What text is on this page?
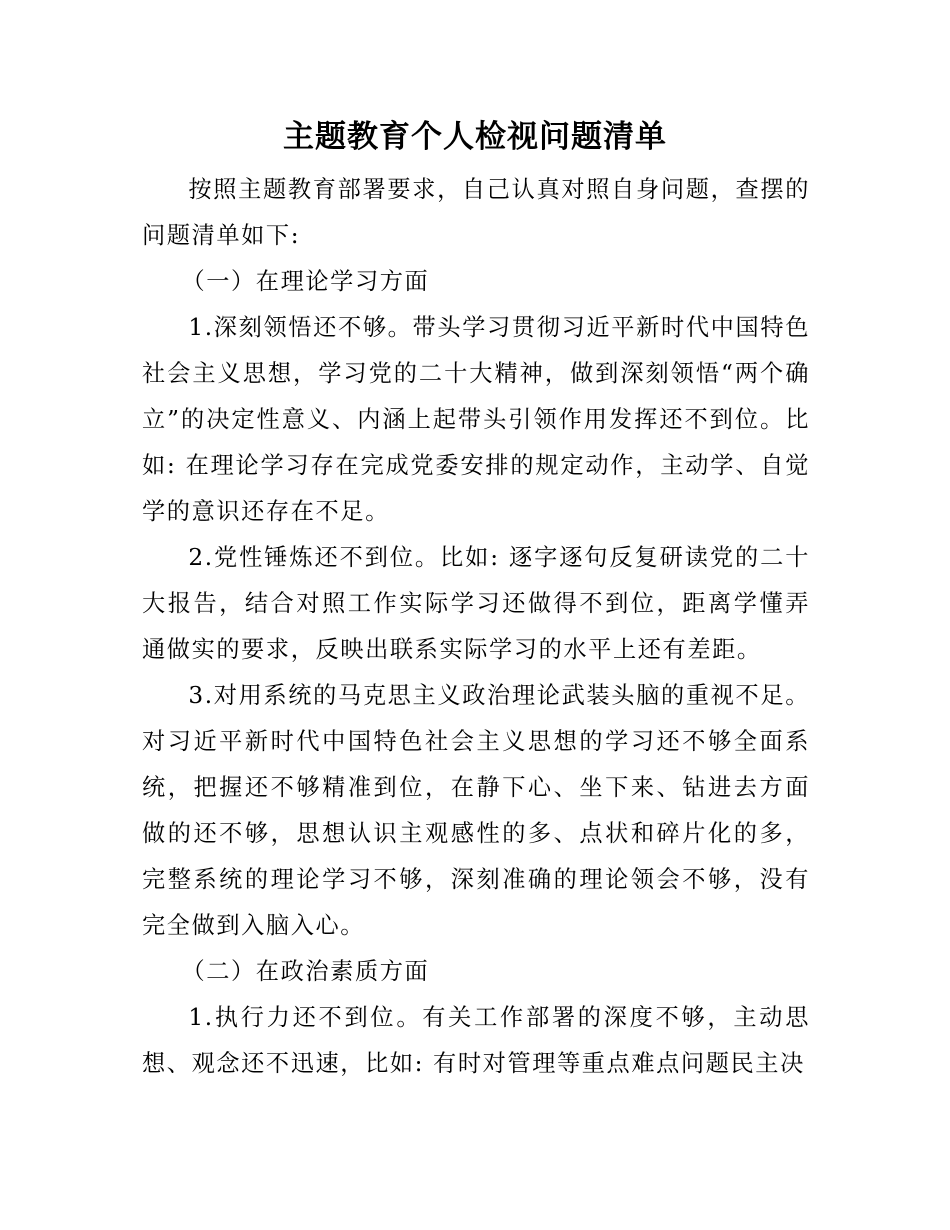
主题教育个人检视问题清单

按照主题教育部署要求，自己认真对照自身问题，查摆的问题清单如下:

（一）在理论学习方面

1.深刻领悟还不够。带头学习贯彻习近平新时代中国特色社会主义思想，学习党的二十大精神，做到深刻领悟“两个确立”的决定性意义、内涵上起带头引领作用发挥还不到位。比如: 在理论学习存在完成党委安排的规定动作，主动学、自觉学的意识还存在不足。

2.党性锤炼还不到位。比如: 逐字逐句反复研读党的二十大报告，结合对照工作实际学习还做得不到位，距离学懂弄通做实的要求，反映出联系实际学习的水平上还有差距。

3.对用系统的马克思主义政治理论武装头脑的重视不足。对习近平新时代中国特色社会主义思想的学习还不够全面系统，把握还不够精准到位，在静下心、坐下来、钻进去方面做的还不够，思想认识主观感性的多、点状和碎片化的多，完整系统的理论学习不够，深刻准确的理论领会不够，没有完全做到入脑入心。

（二）在政治素质方面

1.执行力还不到位。有关工作部署的深度不够，主动思想、观念还不迅速，比如: 有时对管理等重点难点问题民主决
